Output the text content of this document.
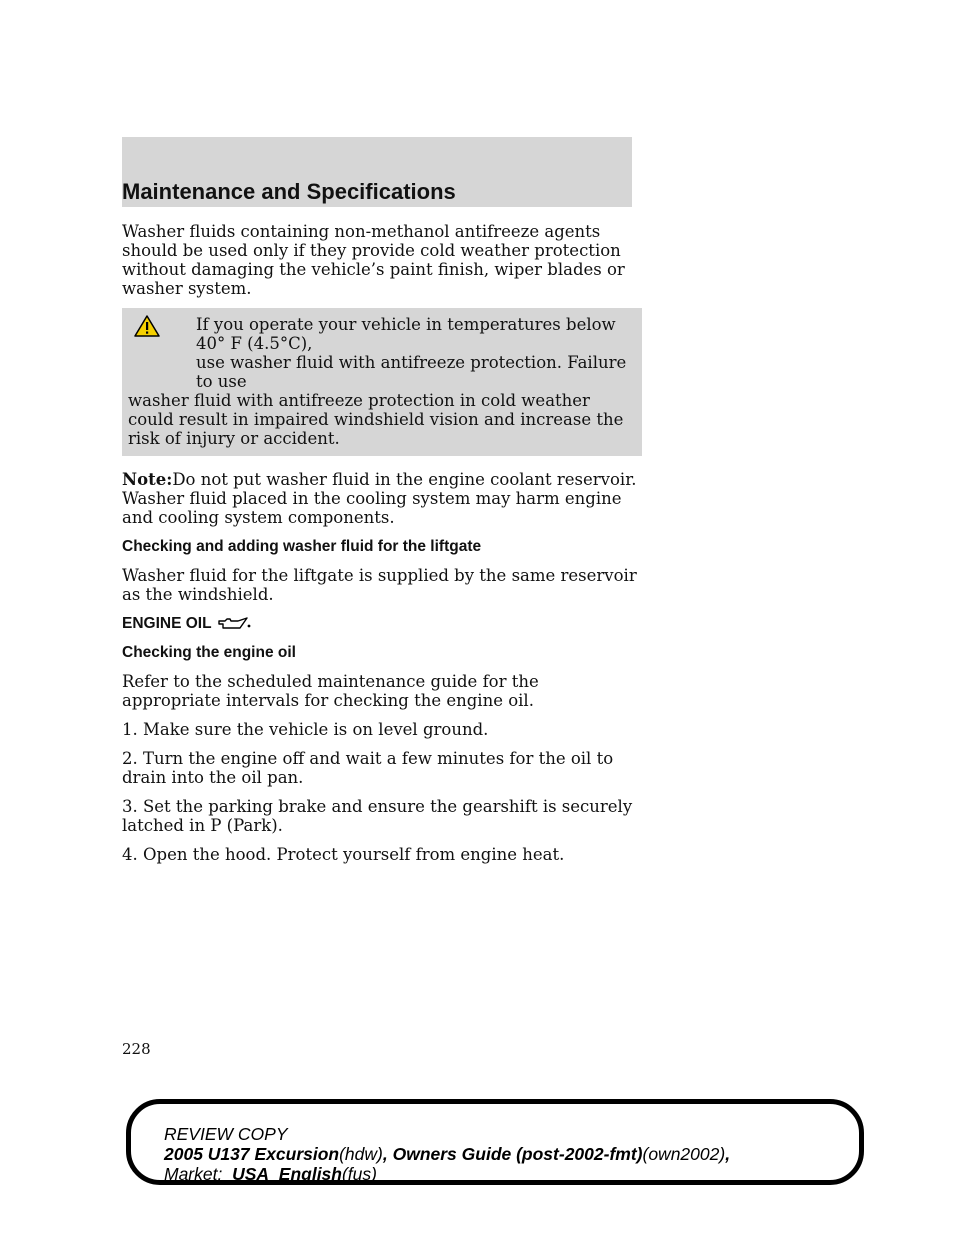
Maintenance and Specifications

Washer fluids containing non-methanol antifreeze agents should be used only if they provide cold weather protection without damaging the vehicle’s paint finish, wiper blades or washer system.

If you operate your vehicle in temperatures below 40° F (4.5°C),
use washer fluid with antifreeze protection. Failure to use
washer fluid with antifreeze protection in cold weather could result in impaired windshield vision and increase the risk of injury or accident.

Note:Do not put washer fluid in the engine coolant reservoir. Washer fluid placed in the cooling system may harm engine and cooling system components.

Checking and adding washer fluid for the liftgate

Washer fluid for the liftgate is supplied by the same reservoir as the windshield.

ENGINE OIL

Checking the engine oil

Refer to the scheduled maintenance guide for the appropriate intervals for checking the engine oil.

1. Make sure the vehicle is on level ground.

2. Turn the engine off and wait a few minutes for the oil to drain into the oil pan.

3. Set the parking brake and ensure the gearshift is securely latched in P (Park).

4. Open the hood. Protect yourself from engine heat.

228
REVIEW COPY
2005 U137 Excursion(hdw), Owners Guide (post-2002-fmt)(own2002),
Market: USA_English(fus)
